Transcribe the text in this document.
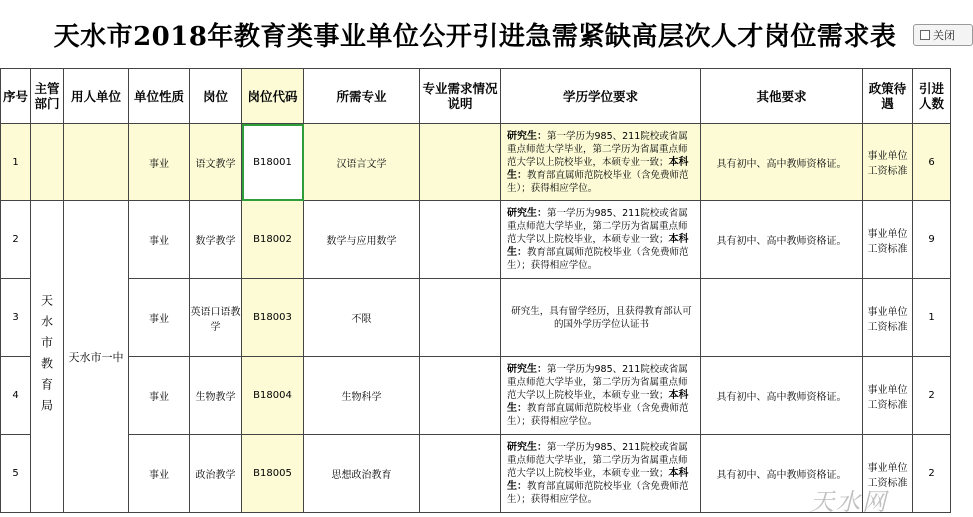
天水市2018年教育类事业单位公开引进急需紧缺高层次人才岗位需求表	关闭
序号	主管部门	用人单位	单位性质	岗位	岗位代码	所需专业	专业需求情况说明	学历学位要求	其他要求	政策待遇	引进人数
1			事业	语文教学	B18001	汉语言文学		研究生：第一学历为985、211院校或省属重点师范大学毕业，第二学历为省属重点师范大学以上院校毕业，本硕专业一致；本科生：教育部直属师范院校毕业（含免费师范生）；获得相应学位。	具有初中、高中教师资格证。	事业单位工资标准	6
2	天水市教育局	天水市一中	事业	数学教学	B18002	数学与应用数学		研究生：第一学历为985、211院校或省属重点师范大学毕业，第二学历为省属重点师范大学以上院校毕业，本硕专业一致；本科生：教育部直属师范院校毕业（含免费师范生）；获得相应学位。	具有初中、高中教师资格证。	事业单位工资标准	9
3			事业	英语口语教学	B18003	不限		研究生，具有留学经历，且获得教育部认可的国外学历学位认证书		事业单位工资标准	1
4			事业	生物教学	B18004	生物科学		研究生：第一学历为985、211院校或省属重点师范大学毕业，第二学历为省属重点师范大学以上院校毕业，本硕专业一致；本科生：教育部直属师范院校毕业（含免费师范生）；获得相应学位。	具有初中、高中教师资格证。	事业单位工资标准	2
5			事业	政治教学	B18005	思想政治教育		研究生：第一学历为985、211院校或省属重点师范大学毕业，第二学历为省属重点师范大学以上院校毕业，本硕专业一致；本科生：教育部直属师范院校毕业（含免费师范生）；获得相应学位。	具有初中、高中教师资格证。	事业单位工资标准	2
天水网
